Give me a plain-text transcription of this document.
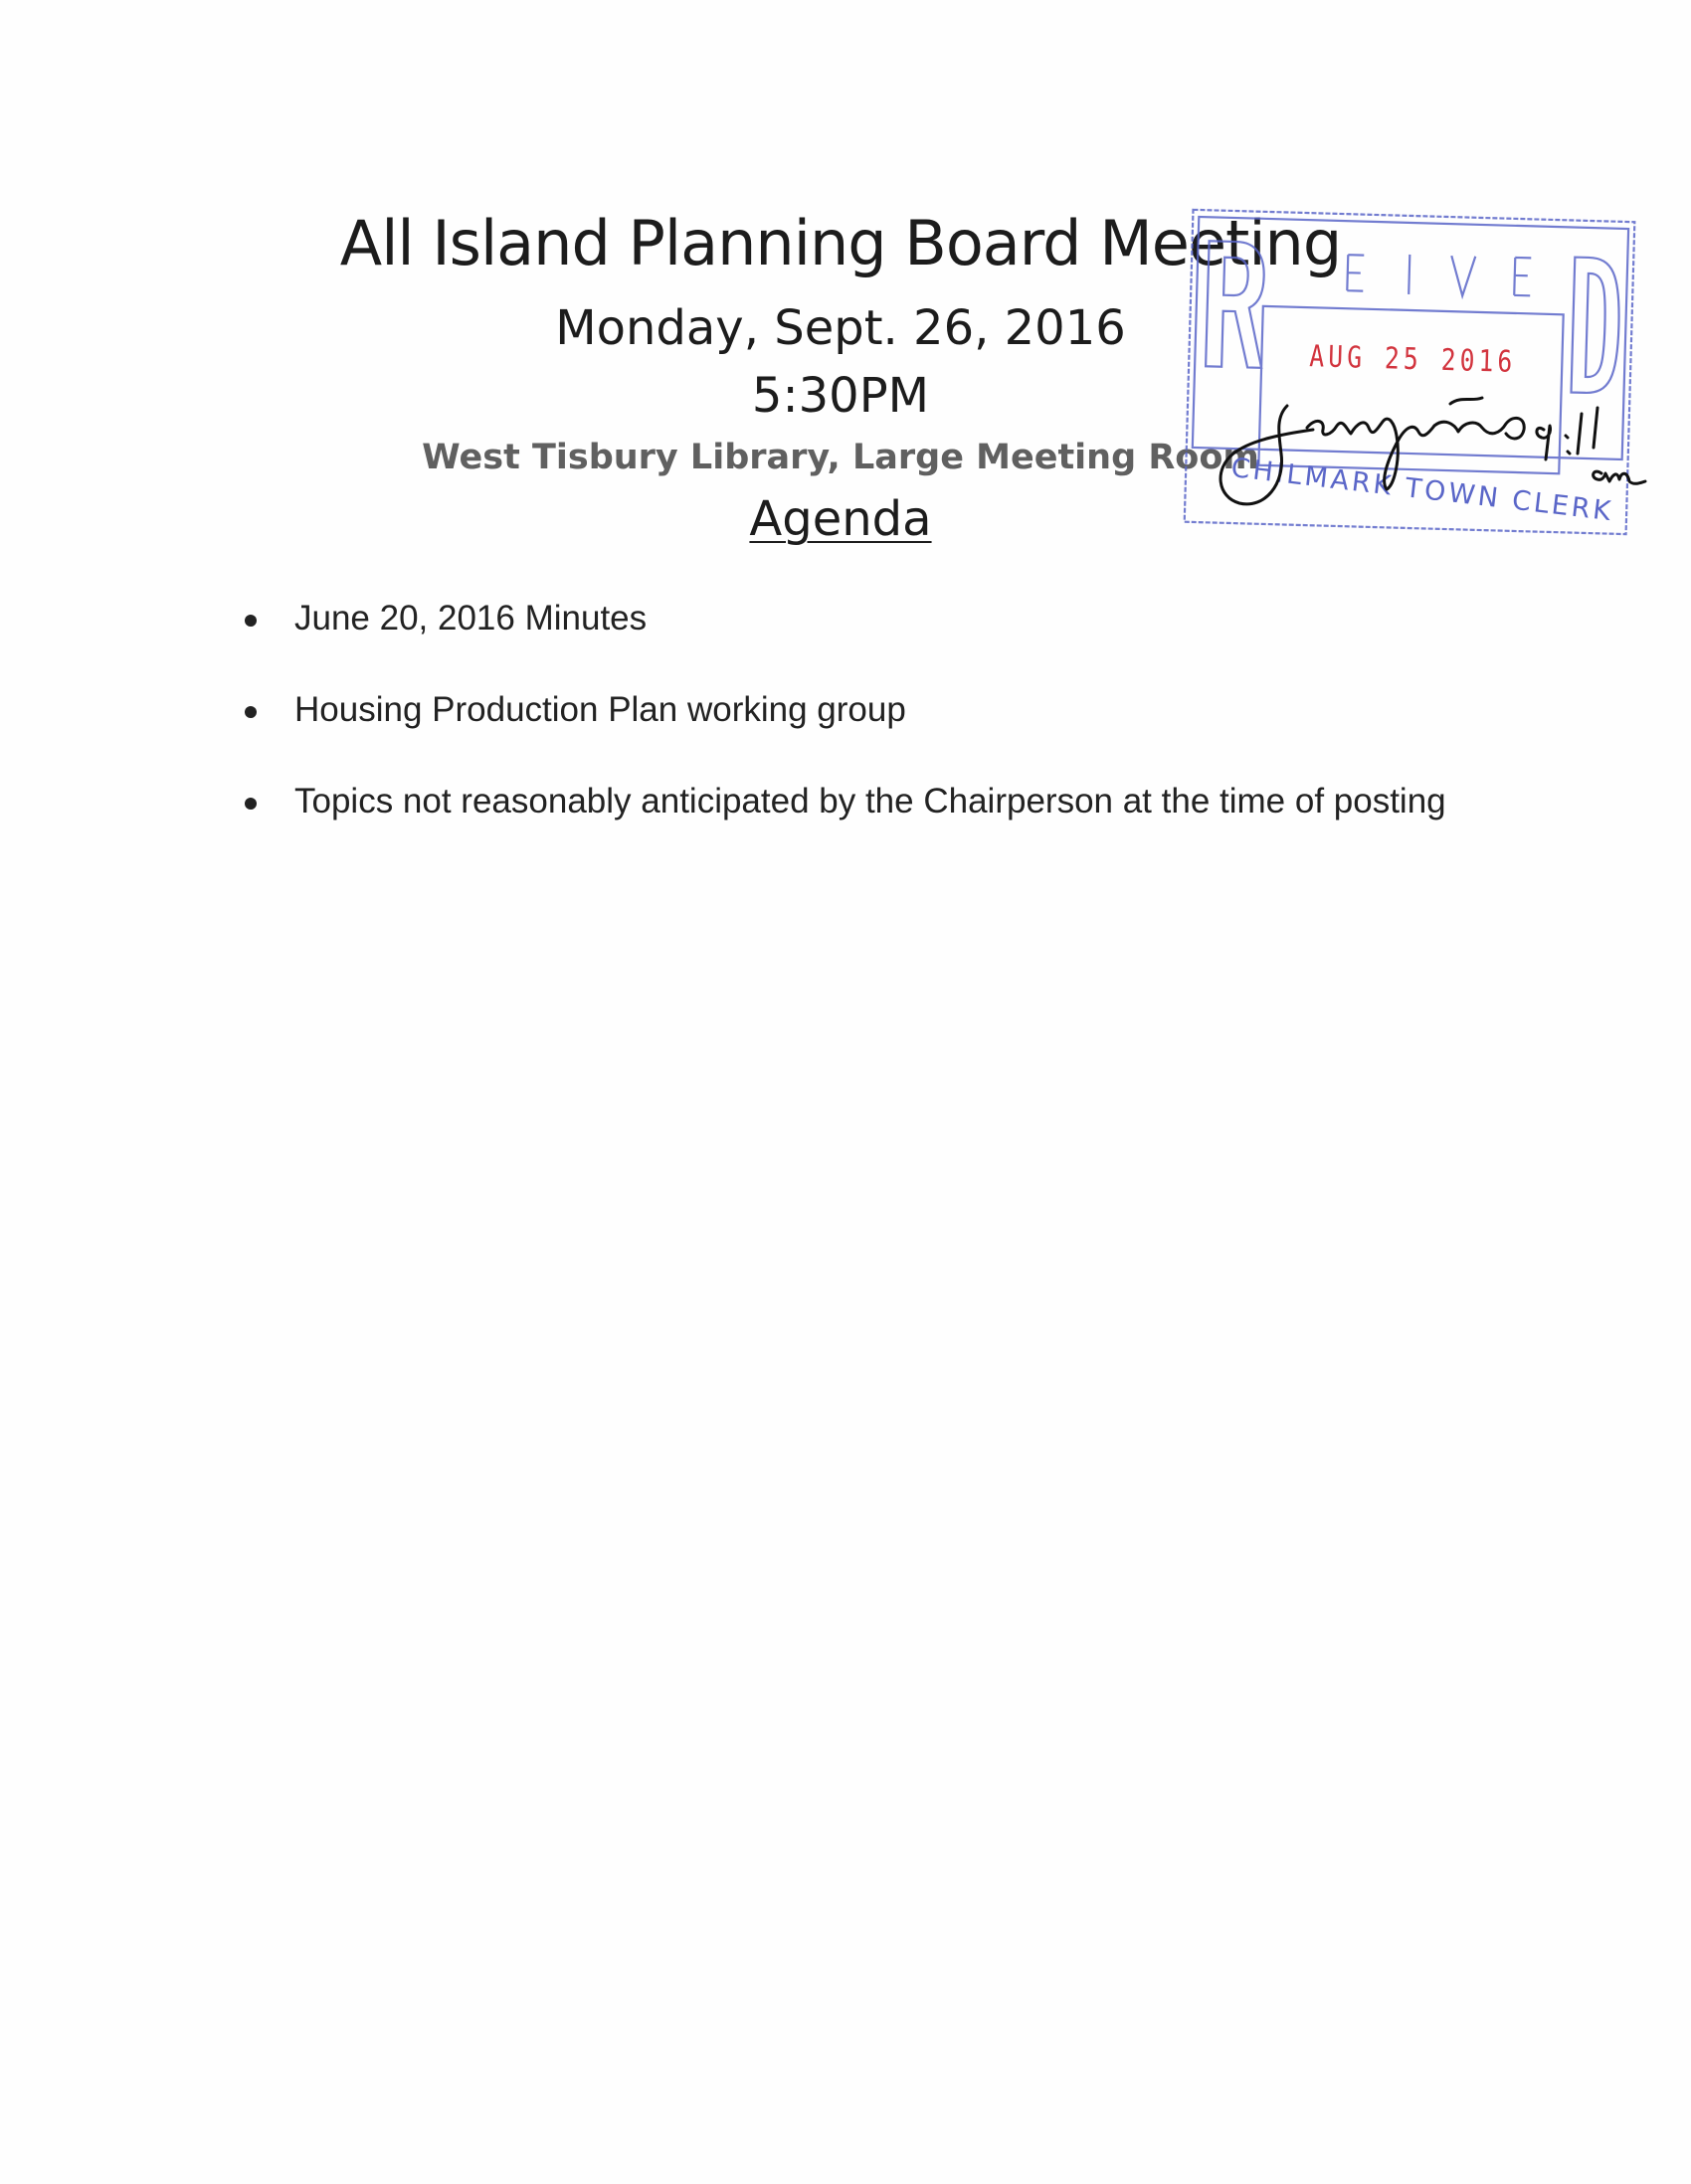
All Island Planning Board Meeting
Monday, Sept. 26, 2016
5:30PM
West Tisbury Library, Large Meeting Room
Agenda
June 20, 2016 Minutes
Housing Production Plan working group
Topics not reasonably anticipated by the Chairperson at the time of posting
AUG 25 2016
CHILMARK TOWN CLERK
